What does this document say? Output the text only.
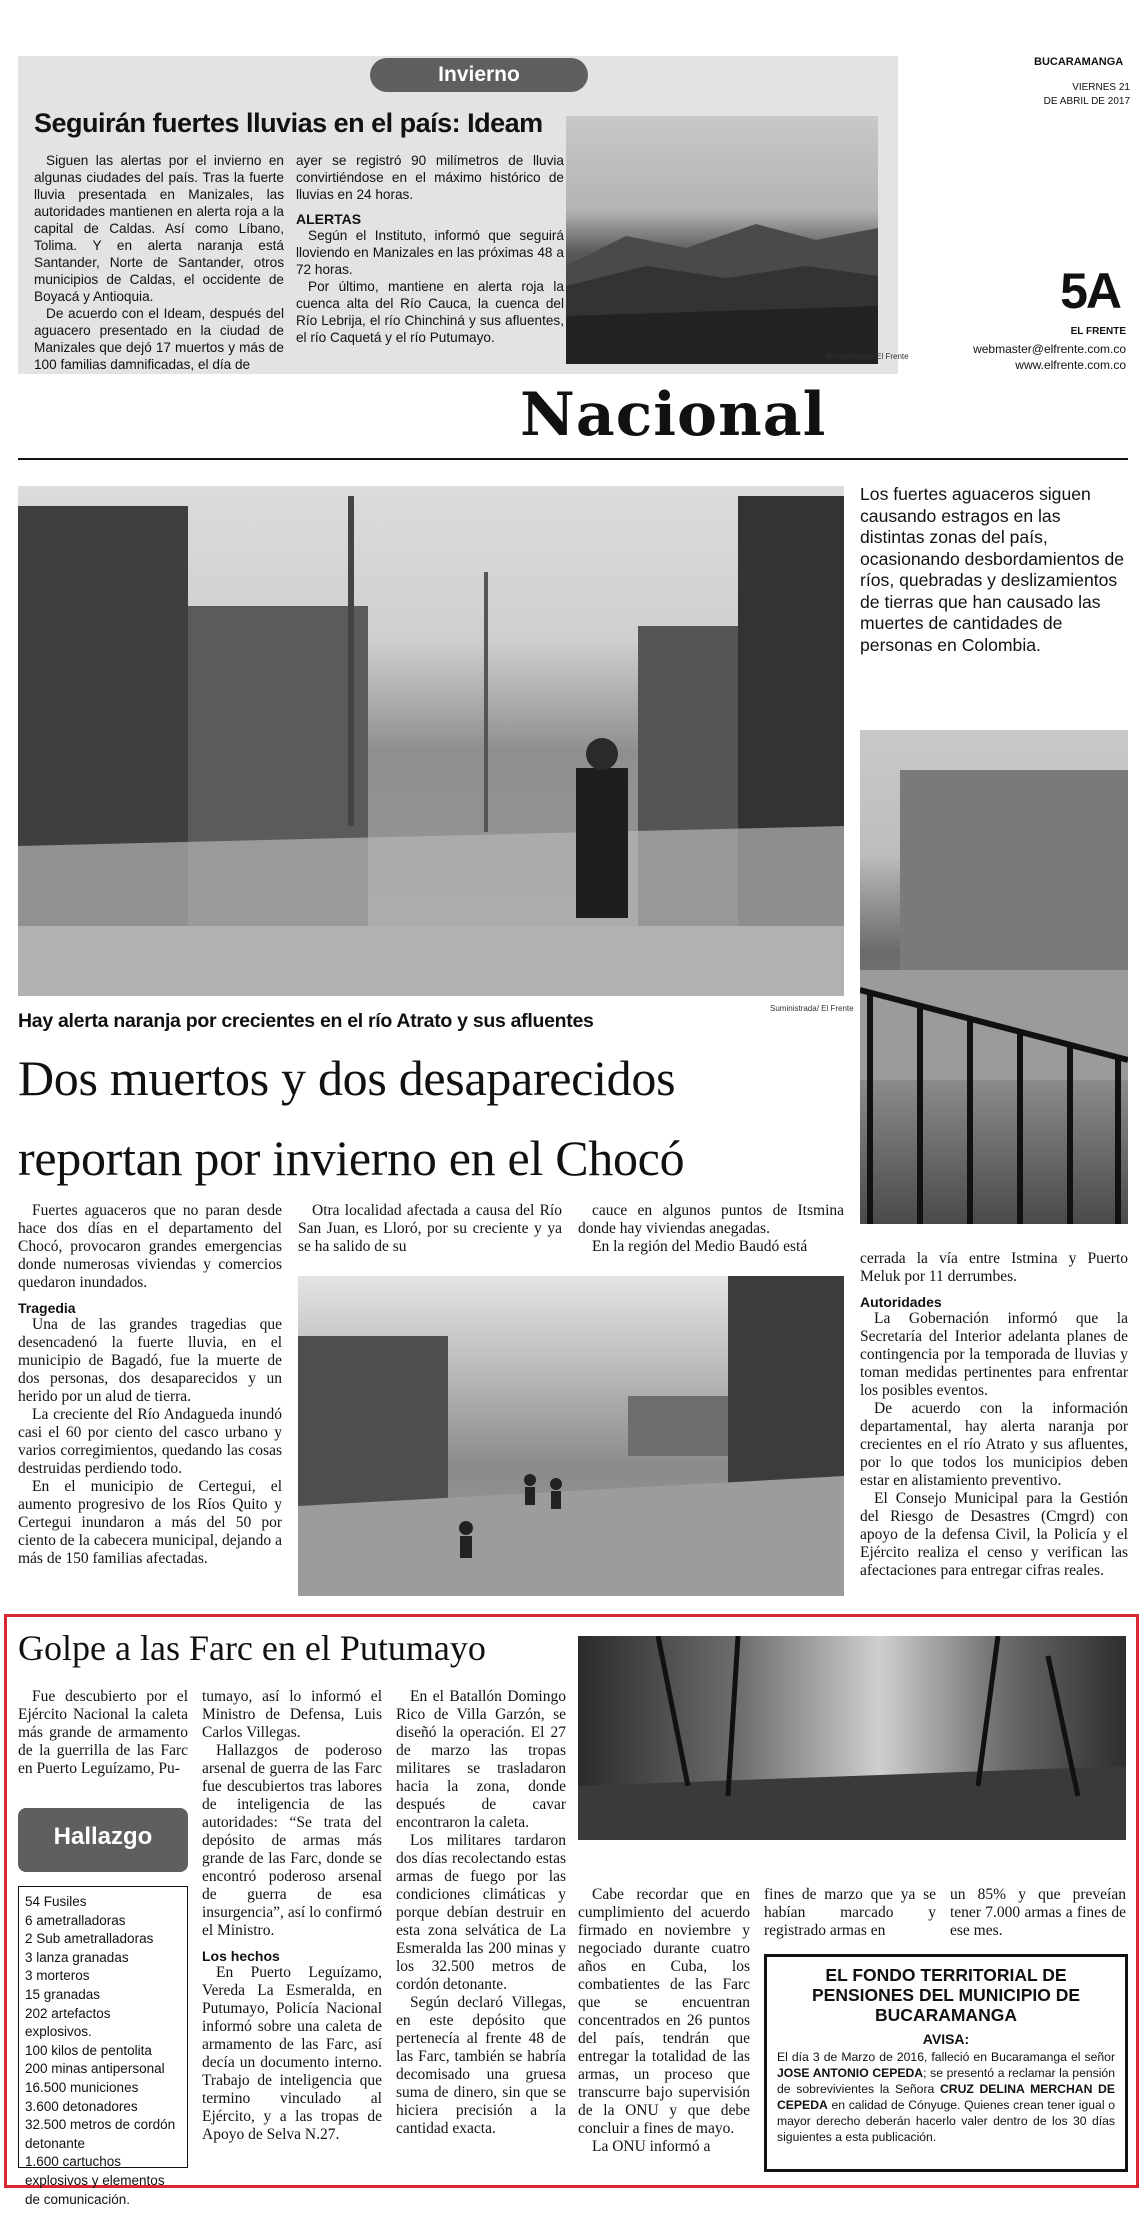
Invierno
Seguirán fuertes lluvias en el país: Ideam

Siguen las alertas por el invierno en algunas ciudades del país. Tras la fuerte lluvia presentada en Manizales, las autoridades mantienen en alerta roja a la capital de Caldas. Así como Líbano, Tolima. Y en alerta naranja está Santander, Norte de Santander, otros municipios de Caldas, el occidente de Boyacá y Antioquia.

De acuerdo con el Ideam, después del aguacero presentado en la ciudad de Manizales que dejó 17 muertos y más de 100 familias damnificadas, el día de

ayer se registró 90 milímetros de lluvia convirtiéndose en el máximo histórico de lluvias en 24 horas.

ALERTAS

Según el Instituto, informó que seguirá lloviendo en Manizales en las próximas 48 a 72 horas.

Por último, mantiene en alerta roja la cuenca alta del Río Cauca, la cuenca del Río Lebrija, el río Chinchiná y sus afluentes, el río Caquetá y el río Putumayo.

Suministrada/ El Frente
BUCARAMANGA
VIERNES 21
DE ABRIL DE 2017
5A
EL FRENTE
webmaster@elfrente.com.co
www.elfrente.com.co
Nacional
Suministrada/ El Frente
Los fuertes aguaceros siguen causando estragos en las distintas zonas del país, ocasionando desbordamientos de ríos, quebradas y deslizamientos de tierras que han causado las muertes de cantidades de personas en Colombia.
Hay alerta naranja por crecientes en el río Atrato y sus afluentes
Dos muertos y dos desaparecidos
reportan por invierno en el Chocó

Fuertes aguaceros que no paran desde hace dos días en el departamento del Chocó, provocaron grandes emergencias donde numerosas viviendas y comercios quedaron inundados.

Tragedia

Una de las grandes tragedias que desencadenó la fuerte lluvia, en el municipio de Bagadó, fue la muerte de dos personas, dos desaparecidos y un herido por un alud de tierra.

La creciente del Río Andagueda inundó casi el 60 por ciento del casco urbano y varios corregimientos, quedando las cosas destruidas perdiendo todo.

En el municipio de Certegui, el aumento progresivo de los Ríos Quito y Certegui inundaron a más del 50 por ciento de la cabecera municipal, dejando a más de 150 familias afectadas.

Otra localidad afectada a causa del Río San Juan, es Lloró, por su creciente y ya se ha salido de su

cauce en algunos puntos de Itsmina donde hay viviendas anegadas.

En la región del Medio Baudó está

cerrada la vía entre Istmina y Puerto Meluk por 11 derrumbes.

Autoridades

La Gobernación informó que la Secretaría del Interior adelanta planes de contingencia por la temporada de lluvias y toman medidas pertinentes para enfrentar los posibles eventos.

De acuerdo con la información departamental, hay alerta naranja por crecientes en el río Atrato y sus afluentes, por lo que todos los municipios deben estar en alistamiento preventivo.

El Consejo Municipal para la Gestión del Riesgo de Desastres (Cmgrd) con apoyo de la defensa Civil, la Policía y el Ejército realiza el censo y verifican las afectaciones para entregar cifras reales.

Golpe a las Farc en el Putumayo

Fue descubierto por el Ejército Nacional la caleta más grande de armamento de la guerrilla de las Farc en Puerto Leguízamo, Pu-

Hallazgo
54 Fusiles
6 ametralladoras
2 Sub ametralladoras
3 lanza granadas
3 morteros
15 granadas
202 artefactos explosivos.
100 kilos de pentolita
200 minas antipersonal
16.500 municiones
3.600 detonadores
32.500 metros de cordón detonante
1.600 cartuchos explosivos y elementos de comunicación.

tumayo, así lo informó el Ministro de Defensa, Luis Carlos Villegas.

Hallazgos de poderoso arsenal de guerra de las Farc fue descubiertos tras labores de inteligencia de las autoridades: “Se trata del depósito de armas más grande de las Farc, donde se encontró poderoso arsenal de guerra de esa insurgencia”, así lo confirmó el Ministro.

Los hechos

En Puerto Leguízamo, Vereda La Esmeralda, en Putumayo, Policía Nacional informó sobre una caleta de armamento de las Farc, así decía un documento interno. Trabajo de inteligencia que termino vinculado al Ejército, y a las tropas de Apoyo de Selva N.27.

En el Batallón Domingo Rico de Villa Garzón, se diseñó la operación. El 27 de marzo las tropas militares se trasladaron hacia la zona, donde después de cavar encontraron la caleta.

Los militares tardaron dos días recolectando estas armas de fuego por las condiciones climáticas y porque debían destruir en esta zona selvática de La Esmeralda las 200 minas y los 32.500 metros de cordón detonante.

Según declaró Villegas, en este depósito que pertenecía al frente 48 de las Farc, también se habría decomisado una gruesa suma de dinero, sin que se hiciera precisión a la cantidad exacta.

Cabe recordar que en cumplimiento del acuerdo firmado en noviembre y negociado durante cuatro años en Cuba, los combatientes de las Farc que se encuentran concentrados en 26 puntos del país, tendrán que entregar la totalidad de las armas, un proceso que transcurre bajo supervisión de la ONU y que debe concluir a fines de mayo.

La ONU informó a

fines de marzo que ya se habían marcado y registrado armas en

un 85% y que preveían tener 7.000 armas a fines de ese mes.

EL FONDO TERRITORIAL DE
PENSIONES DEL MUNICIPIO DE
BUCARAMANGA
AVISA:
El día 3 de Marzo de 2016, falleció en Bucaramanga el señor JOSE ANTONIO CEPEDA; se presentó a reclamar la pensión de sobrevivientes la Señora CRUZ DELINA MERCHAN DE CEPEDA en calidad de Cónyuge. Quienes crean tener igual o mayor derecho deberán hacerlo valer dentro de los 30 días siguientes a esta publicación.
